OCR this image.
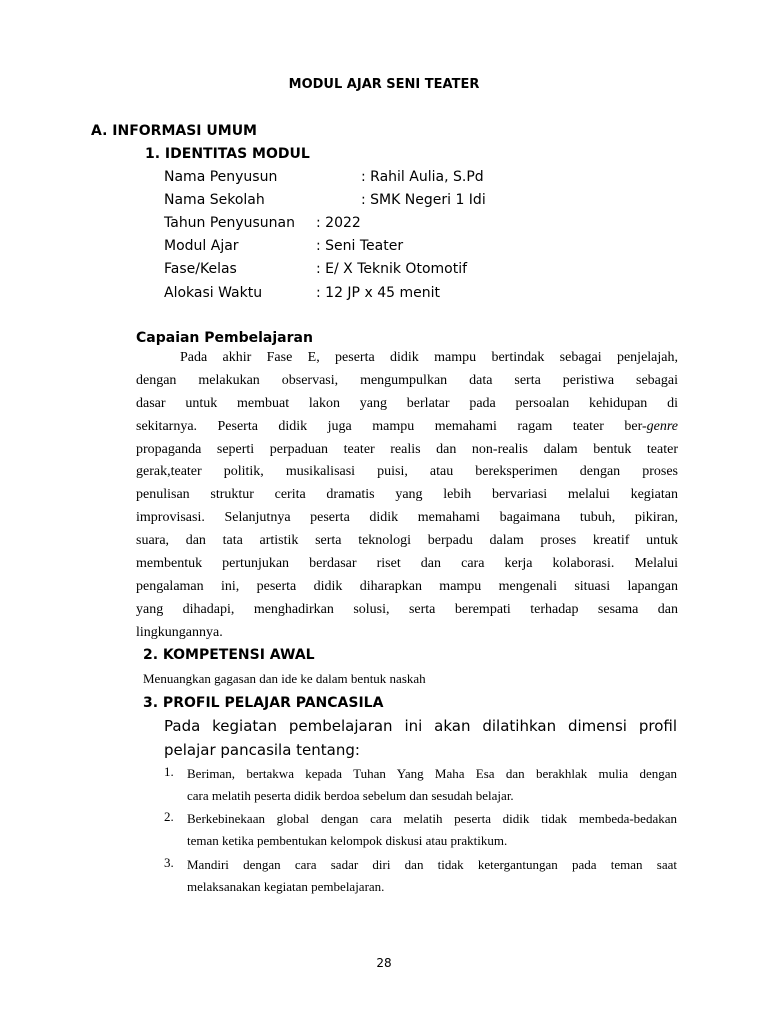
MODUL AJAR SENI TEATER
A. INFORMASI UMUM
1. IDENTITAS MODUL
Nama Penyusun	: Rahil Aulia, S.Pd
Nama Sekolah	: SMK Negeri 1 Idi
Tahun Penyusunan : 2022
Modul Ajar	: Seni Teater
Fase/Kelas	: E/ X Teknik Otomotif
Alokasi Waktu	: 12 JP x 45 menit
Capaian Pembelajaran
Pada akhir Fase E, peserta didik mampu bertindak sebagai penjelajah,
dengan melakukan observasi, mengumpulkan data serta peristiwa sebagai
dasar untuk membuat lakon yang berlatar pada persoalan kehidupan di
sekitarnya. Peserta didik juga mampu memahami ragam teater ber-genre
propaganda seperti perpaduan teater realis dan non-realis dalam bentuk teater
gerak,teater politik, musikalisasi puisi, atau bereksperimen dengan proses
penulisan struktur cerita dramatis yang lebih bervariasi melalui kegiatan
improvisasi. Selanjutnya peserta didik memahami bagaimana tubuh, pikiran,
suara, dan tata artistik serta teknologi berpadu dalam proses kreatif untuk
membentuk pertunjukan berdasar riset dan cara kerja kolaborasi. Melalui
pengalaman ini, peserta didik diharapkan mampu mengenali situasi lapangan
yang dihadapi, menghadirkan solusi, serta berempati terhadap sesama dan
lingkungannya.
2. KOMPETENSI AWAL
Menuangkan gagasan dan ide ke dalam bentuk naskah
3. PROFIL PELAJAR PANCASILA
Pada kegiatan pembelajaran ini akan dilatihkan dimensi profil
pelajar pancasila tentang:
1. Beriman, bertakwa kepada Tuhan Yang Maha Esa dan berakhlak mulia dengan
cara melatih peserta didik berdoa sebelum dan sesudah belajar.
2. Berkebinekaan global dengan cara melatih peserta didik tidak membeda-bedakan
teman ketika pembentukan kelompok diskusi atau praktikum.
3. Mandiri dengan cara sadar diri dan tidak ketergantungan pada teman saat
melaksanakan kegiatan pembelajaran.
28
